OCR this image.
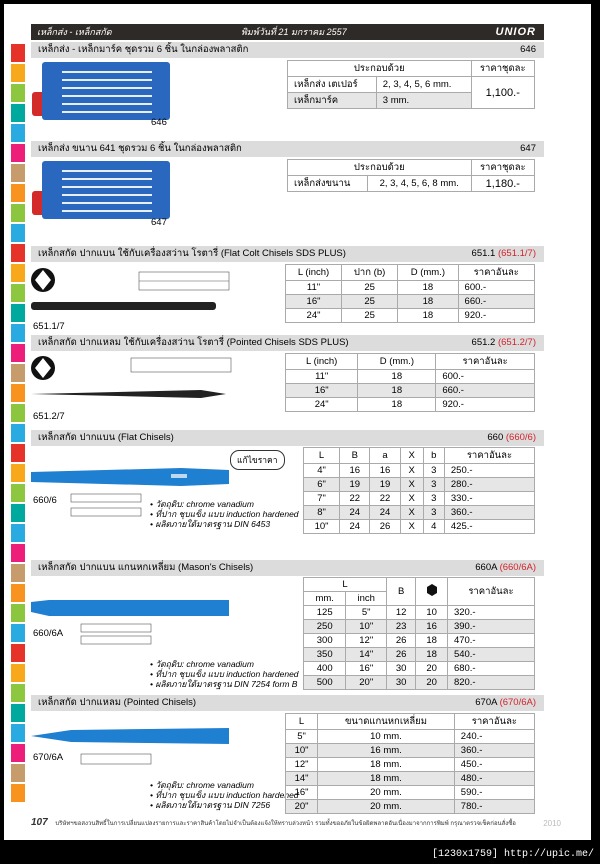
เหล็กส่ง - เหล็กสกัด	พิมพ์วันที่ 21 มกราคม 2557	UNIOR
เหล็กส่ง - เหล็กมาร์ค ชุดรวม 6 ชิ้น ในกล่องพลาสติก	646
646
ประกอบด้วย		ราคาชุดละ
เหล็กส่ง เตเปอร์	2, 3, 4, 5, 6 mm.	1,100.-
เหล็กมาร์ค	3 mm.	
เหล็กส่ง ขนาน 641 ชุดรวม 6 ชิ้น ในกล่องพลาสติก	647
647
ประกอบด้วย		ราคาชุดละ
เหล็กส่งขนาน	2, 3, 4, 5, 6, 8 mm.	1,180.-
เหล็กสกัด ปากแบน ใช้กับเครื่องสว่าน โรตารี่ (Flat Colt Chisels SDS PLUS)	651.1 (651.1/7)
651.1/7
L (inch)	ปาก (b)	D (mm.)	ราคาอันละ
11"	25	18	600.-
16"	25	18	660.-
24"	25	18	920.-
เหล็กสกัด ปากแหลม ใช้กับเครื่องสว่าน โรตารี่ (Pointed Chisels SDS PLUS)	651.2 (651.2/7)
651.2/7
L (inch)	D (mm.)	ราคาอันละ
11"	18	600.-
16"	18	660.-
24"	18	920.-
เหล็กสกัด ปากแบน (Flat Chisels)	660 (660/6)
660/6
แก้ไขราคา
• วัตถุดิบ: chrome vanadium
• ที่ปาก ชุบแข็ง แบบ induction hardened
• ผลิตภายใต้มาตรฐาน DIN 6453
L	B	a	X	b	ราคาอันละ
4"	16	16	X	3	250.-
6"	19	19	X	3	280.-
7"	22	22	X	3	330.-
8"	24	24	X	3	360.-
10"	24	26	X	4	425.-
เหล็กสกัด ปากแบน แกนหกเหลี่ยม (Mason's Chisels)	660A (660/6A)
660/6A
• วัตถุดิบ: chrome vanadium
• ที่ปาก ชุบแข็ง แบบ induction hardened
• ผลิตภายใต้มาตรฐาน DIN 7254 form B
L		B		ราคาอันละ
mm.	inch			
125	5"	12	10	320.-
250	10"	23	16	390.-
300	12"	26	18	470.-
350	14"	26	18	540.-
400	16"	30	20	680.-
500	20"	30	20	820.-
เหล็กสกัด ปากแหลม (Pointed Chisels)	670A (670/6A)
670/6A
• วัตถุดิบ: chrome vanadium
• ที่ปาก ชุบแข็ง แบบ induction hardened
• ผลิตภายใต้มาตรฐาน DIN 7256
L	ขนาดแกนหกเหลี่ยม	ราคาอันละ
5"	10 mm.	240.-
10"	16 mm.	360.-
12"	18 mm.	450.-
14"	18 mm.	480.-
16"	20 mm.	590.-
20"	20 mm.	780.-
107 บริษัทฯขอสงวนสิทธิ์ในการเปลี่ยนแปลงรายการและราคาสินค้าโดยไม่จำเป็นต้องแจ้งให้ทราบล่วงหน้า รวมทั้งขออภัยในข้อผิดพลาดอันเนื่องมาจากการพิมพ์ กรุณาตรวจเช็คก่อนสั่งซื้อ	2010
[1230x1759] http://upic.me/
